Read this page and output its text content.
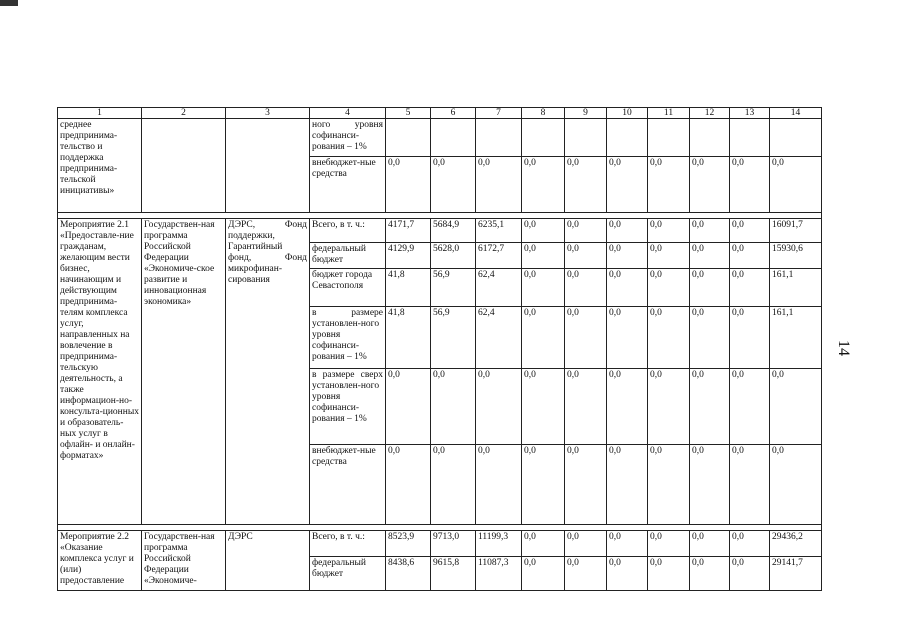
1	2	3	4	5	6	7	8	9	10	11	12	13	14
среднее предпринима-тельство и поддержка предпринима-тельской инициативы»			ного уровня софинанси-рования – 1%										
			внебюджет-ные средства	0,0	0,0	0,0	0,0	0,0	0,0	0,0	0,0	0,0	0,0

Мероприятие 2.1 «Предоставле-ние гражданам, желающим вести бизнес, начинающим и действующим предпринима-телям комплекса услуг, направленных на вовлечение в предпринима-тельскую деятельность, а также информацион-но-консульта-ционных и образователь-ных услуг в офлайн- и онлайн-форматах»	Государствен-ная программа Российской Федерации «Экономиче-ское развитие и инновационная экономика»	ДЭРС, Фонд поддержки, Гарантийный фонд, Фонд микрофинан-сирования	Всего, в т. ч.:	4171,7	5684,9	6235,1	0,0	0,0	0,0	0,0	0,0	0,0	16091,7
			федеральный бюджет	4129,9	5628,0	6172,7	0,0	0,0	0,0	0,0	0,0	0,0	15930,6
			бюджет города Севастополя	41,8	56,9	62,4	0,0	0,0	0,0	0,0	0,0	0,0	161,1
			в размере установлен-ного уровня софинанси-рования – 1%	41,8	56,9	62,4	0,0	0,0	0,0	0,0	0,0	0,0	161,1
			в размере сверх установлен-ного уровня софинанси-рования – 1%	0,0	0,0	0,0	0,0	0,0	0,0	0,0	0,0	0,0	0,0
			внебюджет-ные средства	0,0	0,0	0,0	0,0	0,0	0,0	0,0	0,0	0,0	0,0

Мероприятие 2.2 «Оказание комплекса услуг и (или) предоставление	Государствен-ная программа Российской Федерации «Экономиче-	ДЭРС	Всего, в т. ч.:	8523,9	9713,0	11199,3	0,0	0,0	0,0	0,0	0,0	0,0	29436,2
			федеральный бюджет	8438,6	9615,8	11087,3	0,0	0,0	0,0	0,0	0,0	0,0	29141,7
14
